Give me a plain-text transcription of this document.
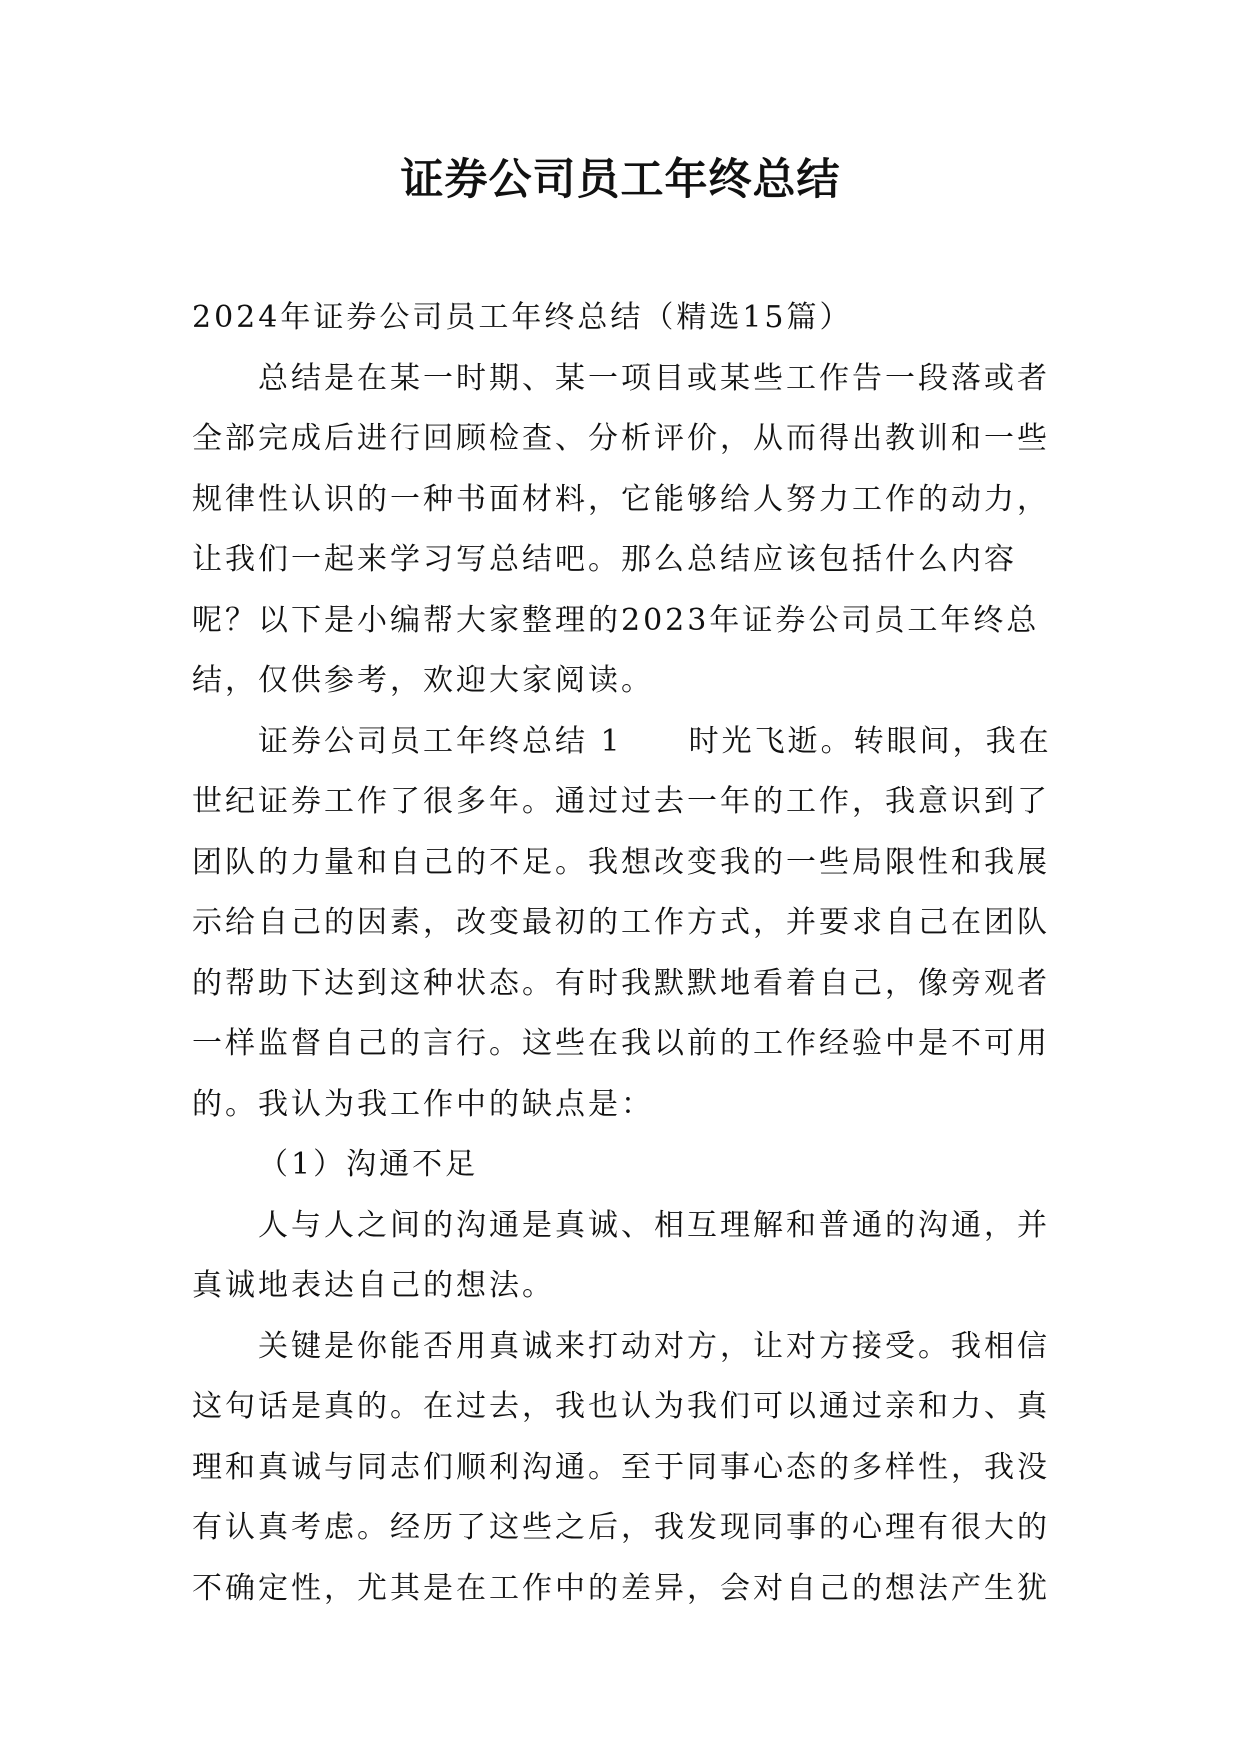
证券公司员工年终总结

2024年证券公司员工年终总结（精选15篇）

总结是在某一时期、某一项目或某些工作告一段落或者
全部完成后进行回顾检查、分析评价，从而得出教训和一些
规律性认识的一种书面材料，它能够给人努力工作的动力，
让我们一起来学习写总结吧。那么总结应该包括什么内容
呢？以下是小编帮大家整理的2023年证券公司员工年终总
结，仅供参考，欢迎大家阅读。

证券公司员工年终总结 1　　时光飞逝。转眼间，我在
世纪证券工作了很多年。通过过去一年的工作，我意识到了
团队的力量和自己的不足。我想改变我的一些局限性和我展
示给自己的因素，改变最初的工作方式，并要求自己在团队
的帮助下达到这种状态。有时我默默地看着自己，像旁观者
一样监督自己的言行。这些在我以前的工作经验中是不可用
的。我认为我工作中的缺点是：

（1）沟通不足

人与人之间的沟通是真诚、相互理解和普通的沟通，并
真诚地表达自己的想法。

关键是你能否用真诚来打动对方，让对方接受。我相信
这句话是真的。在过去，我也认为我们可以通过亲和力、真
理和真诚与同志们顺利沟通。至于同事心态的多样性，我没
有认真考虑。经历了这些之后，我发现同事的心理有很大的
不确定性，尤其是在工作中的差异，会对自己的想法产生犹
